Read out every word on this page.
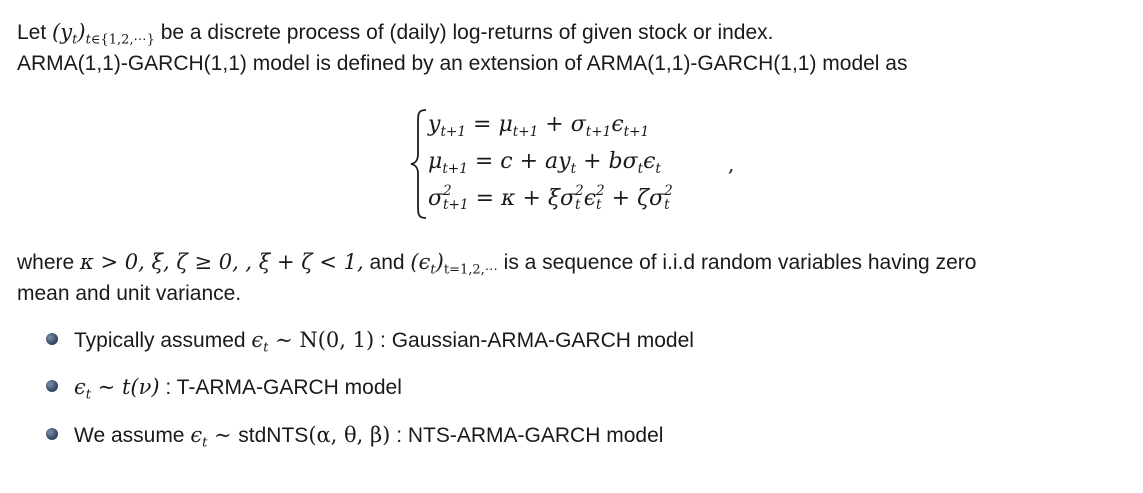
Let $(y_t)_{t\in\{1,2,\cdots\}}$ be a discrete process of (daily) log-returns of given stock or index.
ARMA(1,1)-GARCH(1,1) model is defined by an extension of ARMA(1,1)-GARCH(1,1) model as
$y_{t+1} = \mu_{t+1} + \sigma_{t+1}\epsilon_{t+1}$
$\mu_{t+1} = c + ay_t + b\sigma_t\epsilon_t$
σ 2
t+1 = κ + ξσ 2
t ϵ 2
t + ζσ 2
t
,
where κ > 0, ξ, ζ ≥ 0, , ξ + ζ < 1, and $(\epsilon_t)_{t=1,2,\cdots}$ is a sequence of i.i.d random variables having zero
mean and unit variance.
Typically assumed $\epsilon_t$ ∼ N(0, 1) : Gaussian-ARMA-GARCH model
$\epsilon_t$ ∼ t(ν) : T-ARMA-GARCH model
We assume $\epsilon_t$ ∼ stdNTS(α, θ, β) : NTS-ARMA-GARCH model
